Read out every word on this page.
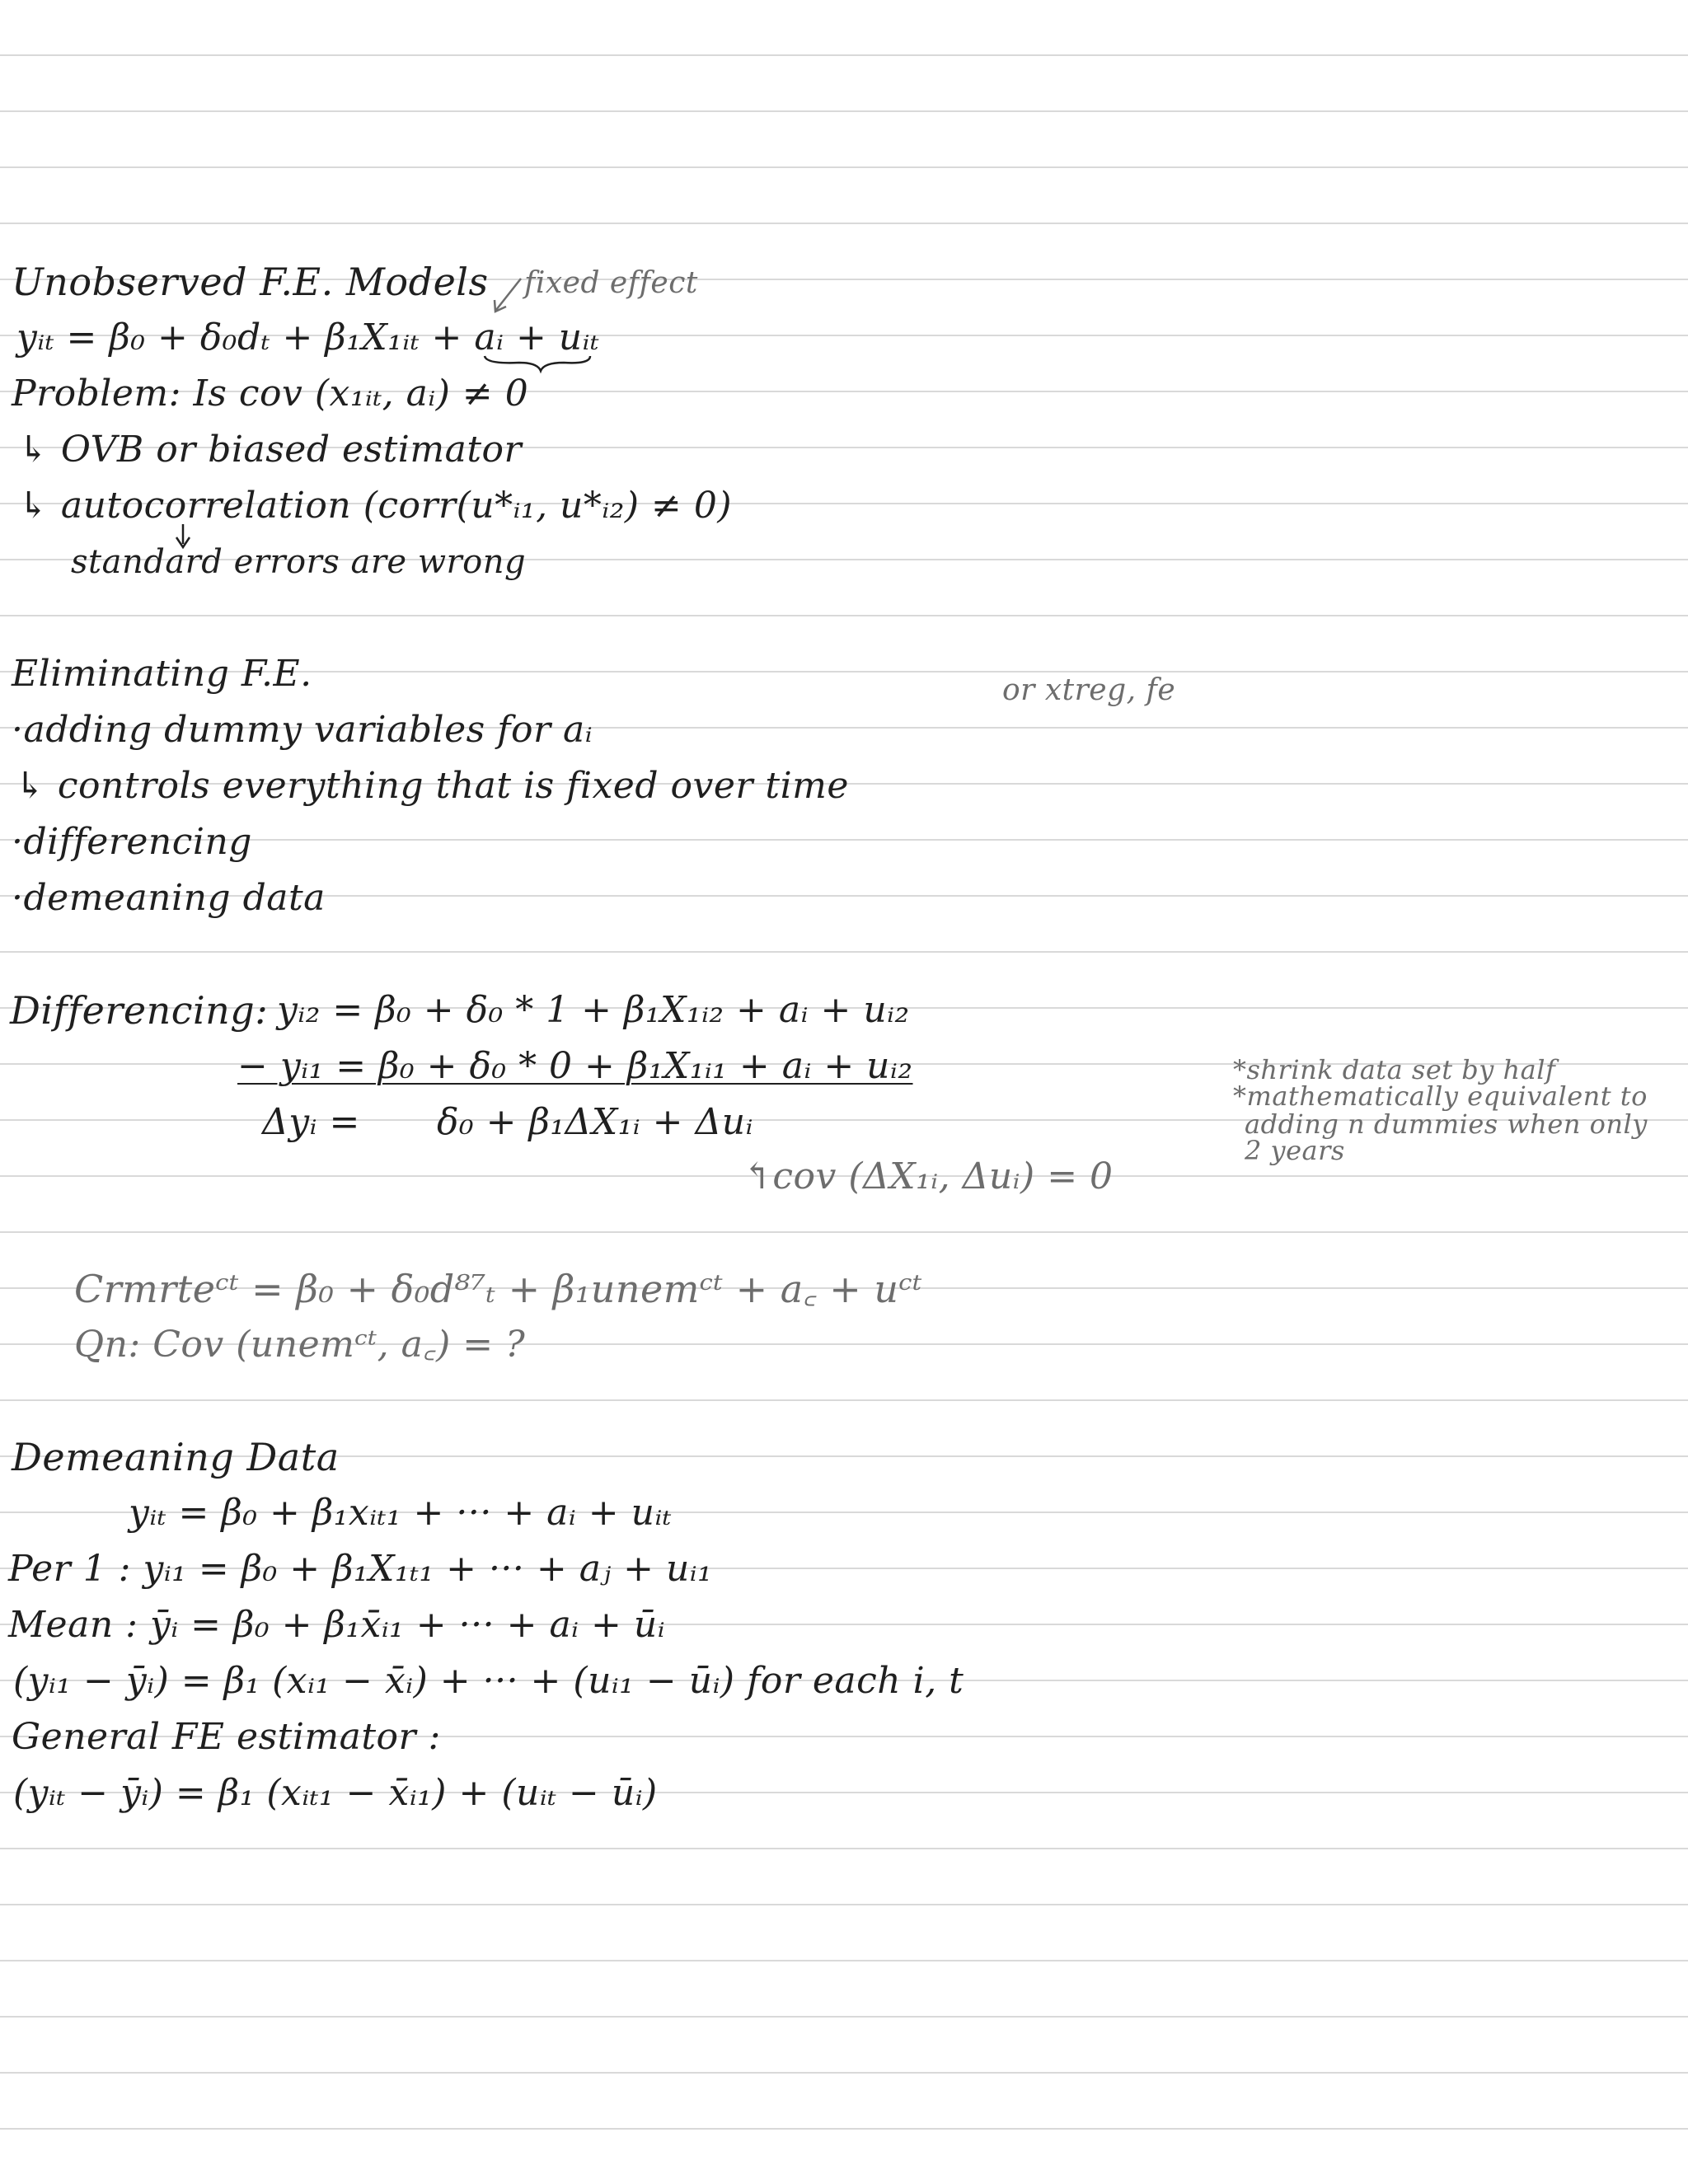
Unobserved F.E. Models fixed effect
yᵢₜ = β₀ + δ₀dₜ + β₁X₁ᵢₜ + aᵢ + uᵢₜ
Problem: Is cov (x₁ᵢₜ, aᵢ) ≠ 0
↳ OVB or biased estimator
↳ autocorrelation (corr(u*ᵢ₁, u*ᵢ₂) ≠ 0)
standard errors are wrong
Eliminating F.E.	or xtreg, fe
·adding dummy variables for aᵢ
↳ controls everything that is fixed over time
·differencing
·demeaning data
Differencing: yᵢ₂ = β₀ + δ₀ * 1 + β₁X₁ᵢ₂ + aᵢ + uᵢ₂
− yᵢ₁ = β₀ + δ₀ * 0 + β₁X₁ᵢ₁ + aᵢ + uᵢ₂
Δyᵢ = δ₀ + β₁ΔX₁ᵢ + Δuᵢ
↰cov (ΔX₁ᵢ, Δuᵢ) = 0
*shrink data set by half
*mathematically equivalent to
adding n dummies when only
2 years
Crmrteᶜᵗ = β₀ + δ₀d⁸⁷ₜ + β₁unemᶜᵗ + a꜀ + uᶜᵗ
Qn: Cov (unemᶜᵗ, a꜀) = ?
Demeaning Data
yᵢₜ = β₀ + β₁xᵢₜ₁ + ··· + aᵢ + uᵢₜ
Per 1 : yᵢ₁ = β₀ + β₁X₁ₜ₁ + ··· + aⱼ + uᵢ₁
Mean : ȳᵢ = β₀ + β₁x̄ᵢ₁ + ··· + aᵢ + ūᵢ
(yᵢ₁ − ȳᵢ) = β₁ (xᵢ₁ − x̄ᵢ) + ··· + (uᵢ₁ − ūᵢ) for each i, t
General FE estimator :
(yᵢₜ − ȳᵢ) = β₁ (xᵢₜ₁ − x̄ᵢ₁) + (uᵢₜ − ūᵢ)
